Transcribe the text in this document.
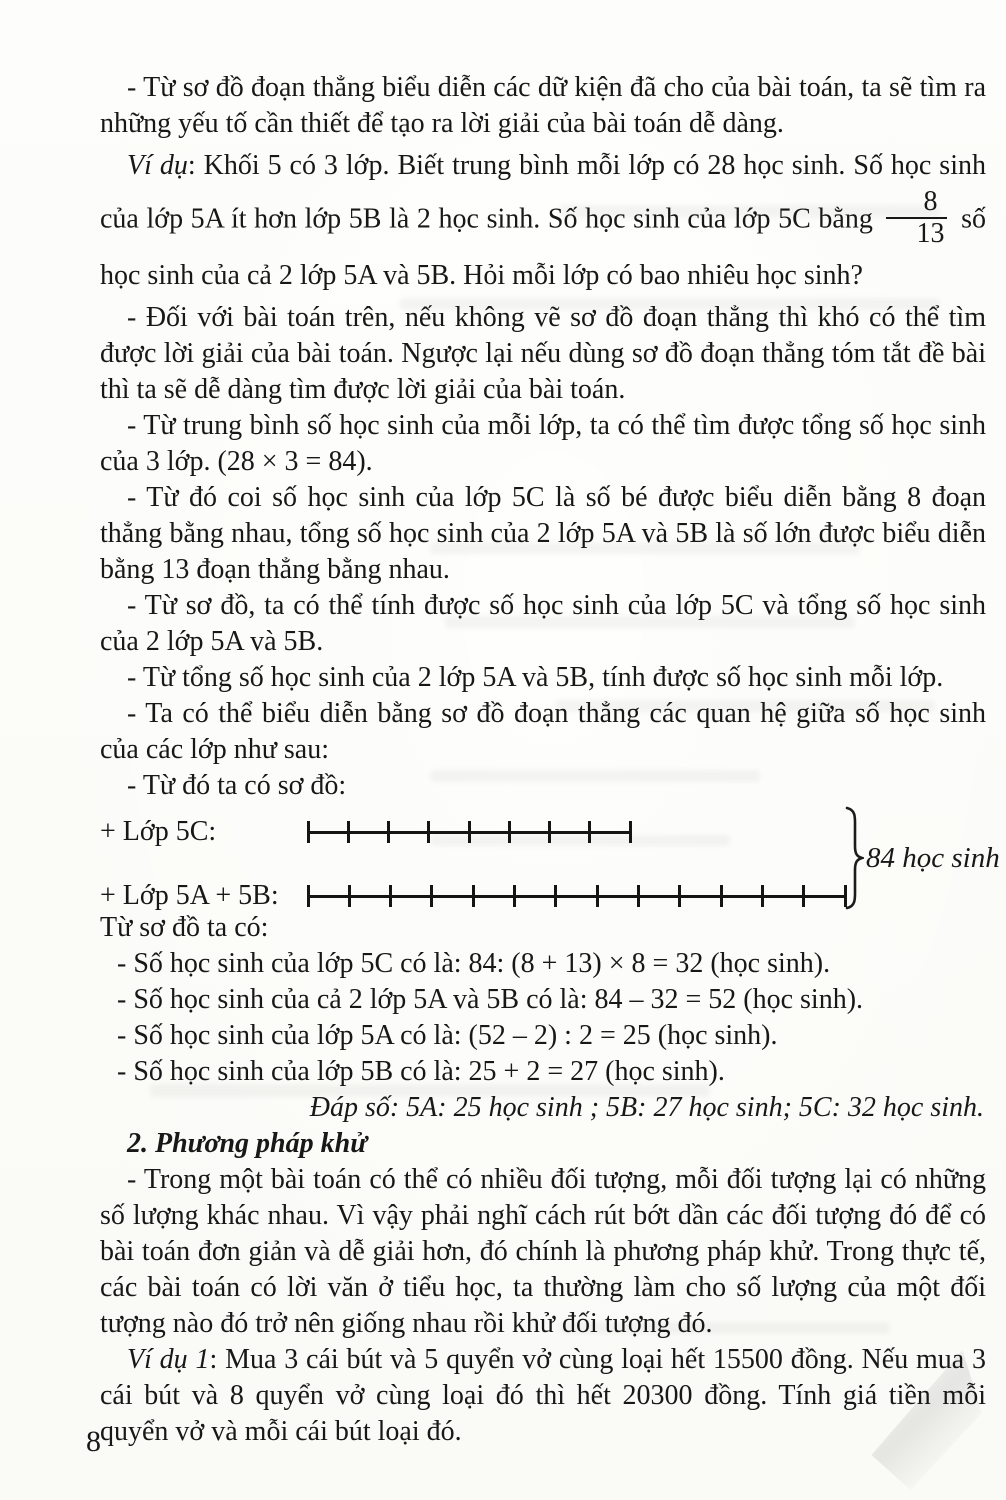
- Từ sơ đồ đoạn thẳng biểu diễn các dữ kiện đã cho của bài toán, ta sẽ tìm ra những yếu tố cần thiết để tạo ra lời giải của bài toán dễ dàng.

Ví dụ: Khối 5 có 3 lớp. Biết trung bình mỗi lớp có 28 học sinh. Số học sinh của lớp 5A ít hơn lớp 5B là 2 học sinh. Số học sinh của lớp 5C bằng $\frac{8}{13}$ số học sinh của cả 2 lớp 5A và 5B. Hỏi mỗi lớp có bao nhiêu học sinh?

- Đối với bài toán trên, nếu không vẽ sơ đồ đoạn thẳng thì khó có thể tìm được lời giải của bài toán. Ngược lại nếu dùng sơ đồ đoạn thẳng tóm tắt đề bài thì ta sẽ dễ dàng tìm được lời giải của bài toán.

- Từ trung bình số học sinh của mỗi lớp, ta có thể tìm được tổng số học sinh của 3 lớp. (28 × 3 = 84).

- Từ đó coi số học sinh của lớp 5C là số bé được biểu diễn bằng 8 đoạn thẳng bằng nhau, tổng số học sinh của 2 lớp 5A và 5B là số lớn được biểu diễn bằng 13 đoạn thẳng bằng nhau.

- Từ sơ đồ, ta có thể tính được số học sinh của lớp 5C và tổng số học sinh của 2 lớp 5A và 5B.

- Từ tổng số học sinh của 2 lớp 5A và 5B, tính được số học sinh mỗi lớp.

- Ta có thể biểu diễn bằng sơ đồ đoạn thẳng các quan hệ giữa số học sinh của các lớp như sau:

- Từ đó ta có sơ đồ:

+ Lớp 5C:
+ Lớp 5A + 5B:
84 học sinh

Từ sơ đồ ta có:

- Số học sinh của lớp 5C có là: 84: (8 + 13) × 8 = 32 (học sinh).

- Số học sinh của cả 2 lớp 5A và 5B có là: 84 – 32 = 52 (học sinh).

- Số học sinh của lớp 5A có là: (52 – 2) : 2 = 25 (học sinh).

- Số học sinh của lớp 5B có là: 25 + 2 = 27 (học sinh).

Đáp số: 5A: 25 học sinh ; 5B: 27 học sinh; 5C: 32 học sinh.

2. Phương pháp khử

- Trong một bài toán có thể có nhiều đối tượng, mỗi đối tượng lại có những số lượng khác nhau. Vì vậy phải nghĩ cách rút bớt dần các đối tượng đó để có bài toán đơn giản và dễ giải hơn, đó chính là phương pháp khử. Trong thực tế, các bài toán có lời văn ở tiểu học, ta thường làm cho số lượng của một đối tượng nào đó trở nên giống nhau rồi khử đối tượng đó.

Ví dụ 1: Mua 3 cái bút và 5 quyển vở cùng loại hết 15500 đồng. Nếu mua 3 cái bút và 8 quyển vở cùng loại đó thì hết 20300 đồng. Tính giá tiền mỗi quyển vở và mỗi cái bút loại đó.

8
